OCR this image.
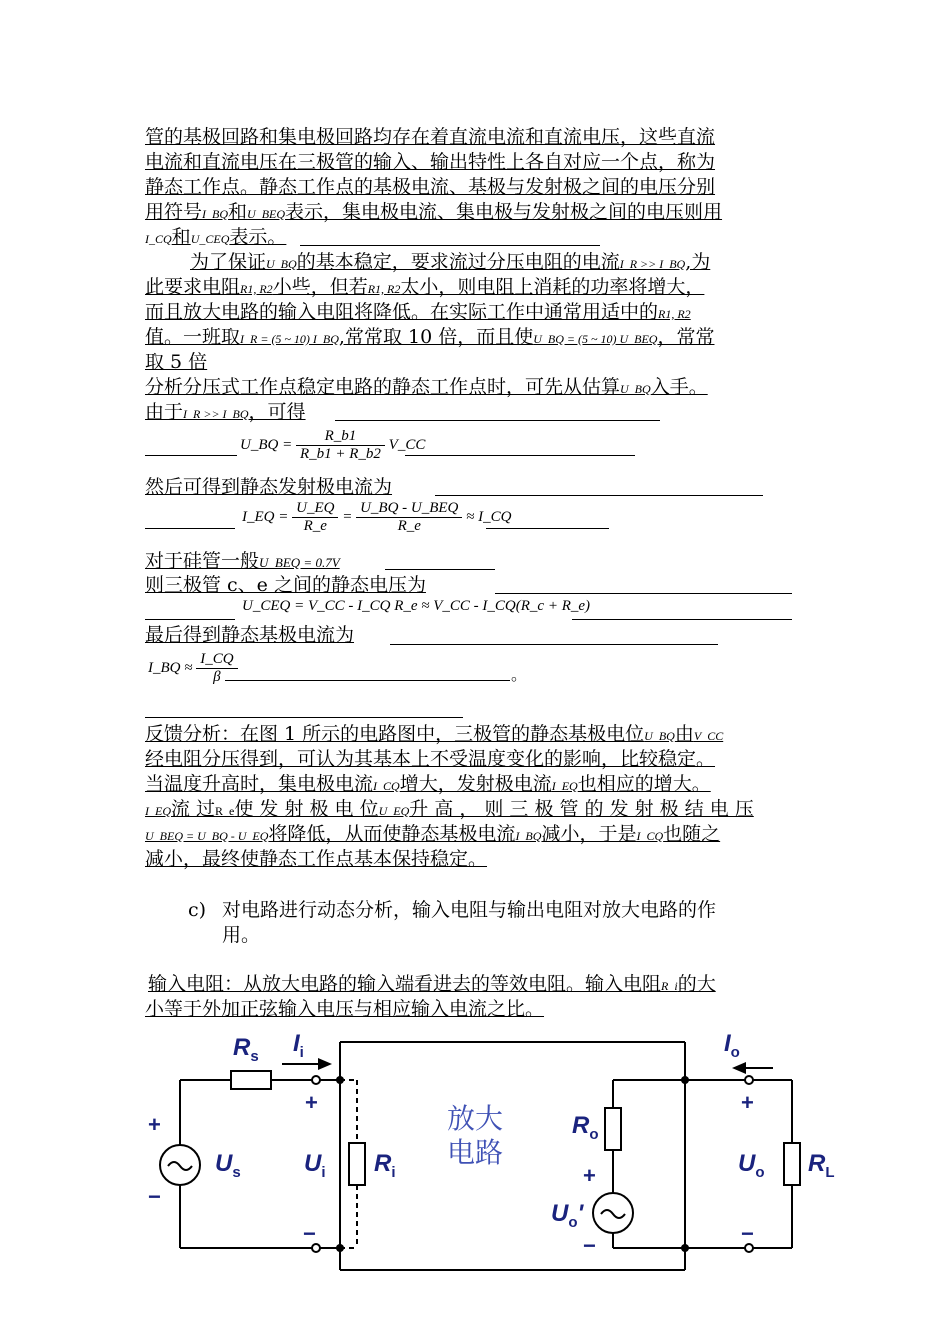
管的基极回路和集电极回路均存在着直流电流和直流电压，这些直流
电流和直流电压在三极管的输入、输出特性上各自对应一个点，称为
静态工作点。静态工作点的基极电流、基极与发射极之间的电压分别
用符号I_BQ和U_BEQ表示，集电极电流、集电极与发射极之间的电压则用
I_CQ和U_CEQ表示。
为了保证U_BQ的基本稳定，要求流过分压电阻的电流I_R >> I_BQ,为
此要求电阻R1, R2小些，但若R1, R2太小，则电阻上消耗的功率将增大，
而且放大电路的输入电阻将降低。在实际工作中通常用适中的R1, R2
值。一班取I_R = (5 ~ 10) I_BQ,常常取 10 倍，而且使U_BQ = (5 ~ 10) U_BEQ，常常
取 5 倍
分析分压式工作点稳定电路的静态工作点时，可先从估算U_BQ入手。
由于I_R >> I_BQ，可得
U_BQ = $\frac{R\_b1}{R\_b1 + R\_b2}$ V_CC
然后可得到静态发射极电流为
I_EQ = $\frac{U\_EQ}{R\_e} = \frac{\text{U\_BQ - U\_BEQ}}{R\_e}$ ≈ I_CQ
对于硅管一般U_BEQ = 0.7V
则三极管 c、e 之间的静态电压为
U_CEQ = V_CC - I_CQ R_e ≈ V_CC - I_CQ(R_c + R_e)
最后得到静态基极电流为
I_BQ ≈ $\frac{I\_CQ}{\beta}$	。
反馈分析：在图 1 所示的电路图中，三极管的静态基极电位U_BQ由V_CC
经电阻分压得到，可认为其基本上不受温度变化的影响，比较稳定。
当温度升高时，集电极电流I_CQ增大，发射极电流I_EQ也相应的增大。
I_EQ流 过R_e使 发 射 极 电 位U_EQ升 高 ， 则 三 极 管 的 发 射 极 结 电 压
U_BEQ = U_BQ - U_EQ将降低，从而使静态基极电流I_BQ减小，于是I_CQ也随之
减小，最终使静态工作点基本保持稳定。
c) 对电路进行动态分析，输入电阻与输出电阻对放大电路的作
用。
输入电阻：从放大电路的输入端看进去的等效电阻。输入电阻R_i的大
小等于外加正弦输入电压与相应输入电流之比。
$R_s$ $I_i$
+
+
−
−
$U_s$	$U_i$ $R_i$
放大
电路
$R_o$
+
$U_o'$
−
$I_o$
+
$U_o$
−
$R_L$
